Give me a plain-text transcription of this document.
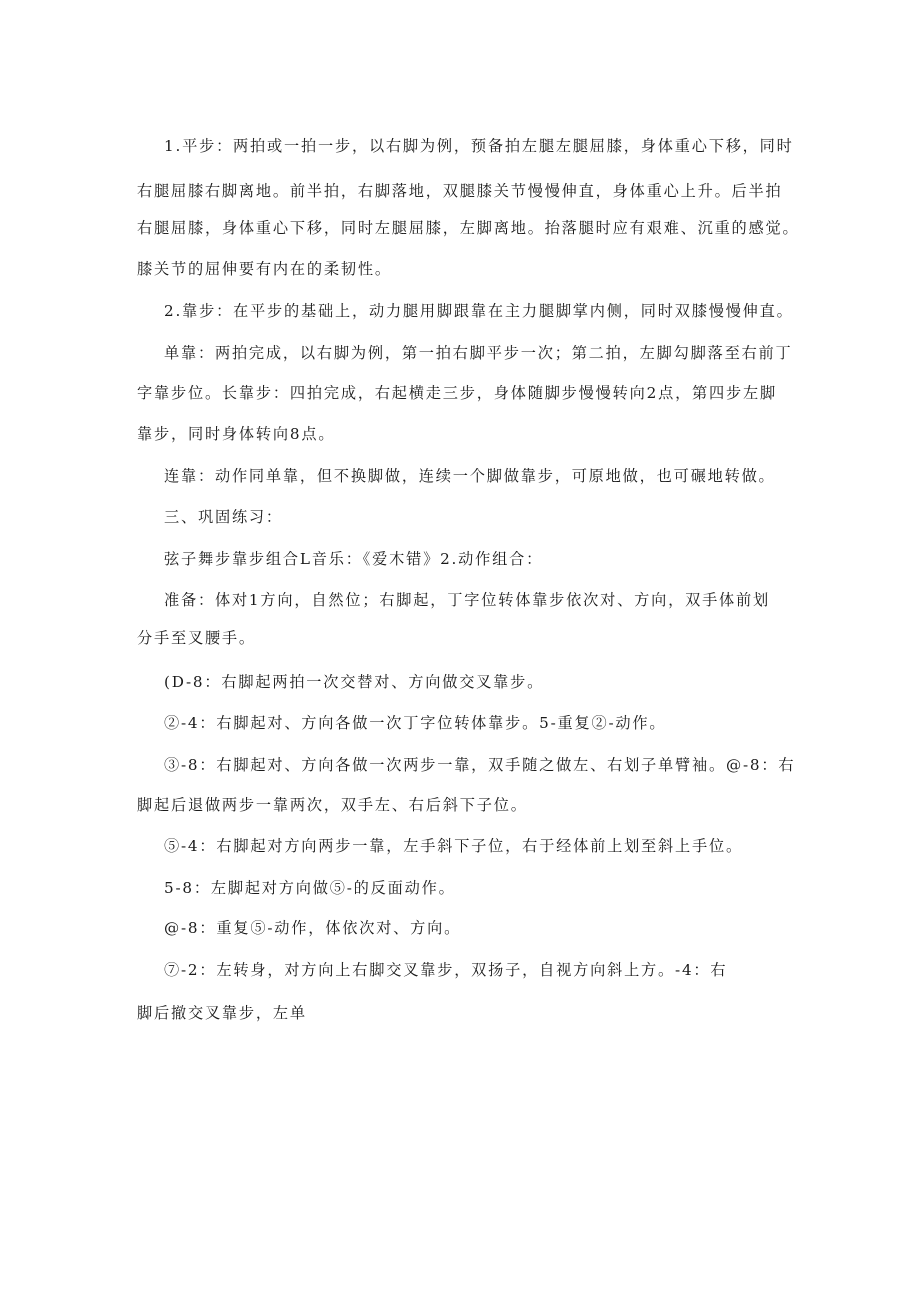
1.平步：两拍或一拍一步，以右脚为例，预备拍左腿左腿屈膝，身体重心下移，同时
右腿屈膝右脚离地。前半拍，右脚落地，双腿膝关节慢慢伸直，身体重心上升。后半拍
右腿屈膝，身体重心下移，同时左腿屈膝，左脚离地。抬落腿时应有艰难、沉重的感觉。
膝关节的屈伸要有内在的柔韧性。
2.靠步：在平步的基础上，动力腿用脚跟靠在主力腿脚掌内侧，同时双膝慢慢伸直。
单靠：两拍完成，以右脚为例，第一拍右脚平步一次；第二拍，左脚勾脚落至右前丁
字靠步位。长靠步：四拍完成，右起横走三步，身体随脚步慢慢转向2点，第四步左脚
靠步，同时身体转向8点。
连靠：动作同单靠，但不换脚做，连续一个脚做靠步，可原地做，也可碾地转做。
三、巩固练习：
弦子舞步靠步组合L音乐：《爱木错》2.动作组合：
准备：体对1方向，自然位；右脚起，丁字位转体靠步依次对、方向，双手体前划
分手至叉腰手。
(D-8：右脚起两拍一次交替对、方向做交叉靠步。
②-4：右脚起对、方向各做一次丁字位转体靠步。5-重复②-动作。
③-8：右脚起对、方向各做一次两步一靠，双手随之做左、右划子单臂袖。@-8：右
脚起后退做两步一靠两次，双手左、右后斜下子位。
⑤-4：右脚起对方向两步一靠，左手斜下子位，右于经体前上划至斜上手位。
5-8：左脚起对方向做⑤-的反面动作。
@-8：重复⑤-动作，体依次对、方向。
⑦-2：左转身，对方向上右脚交叉靠步，双扬子，自视方向斜上方。-4：右
脚后撤交叉靠步，左单
